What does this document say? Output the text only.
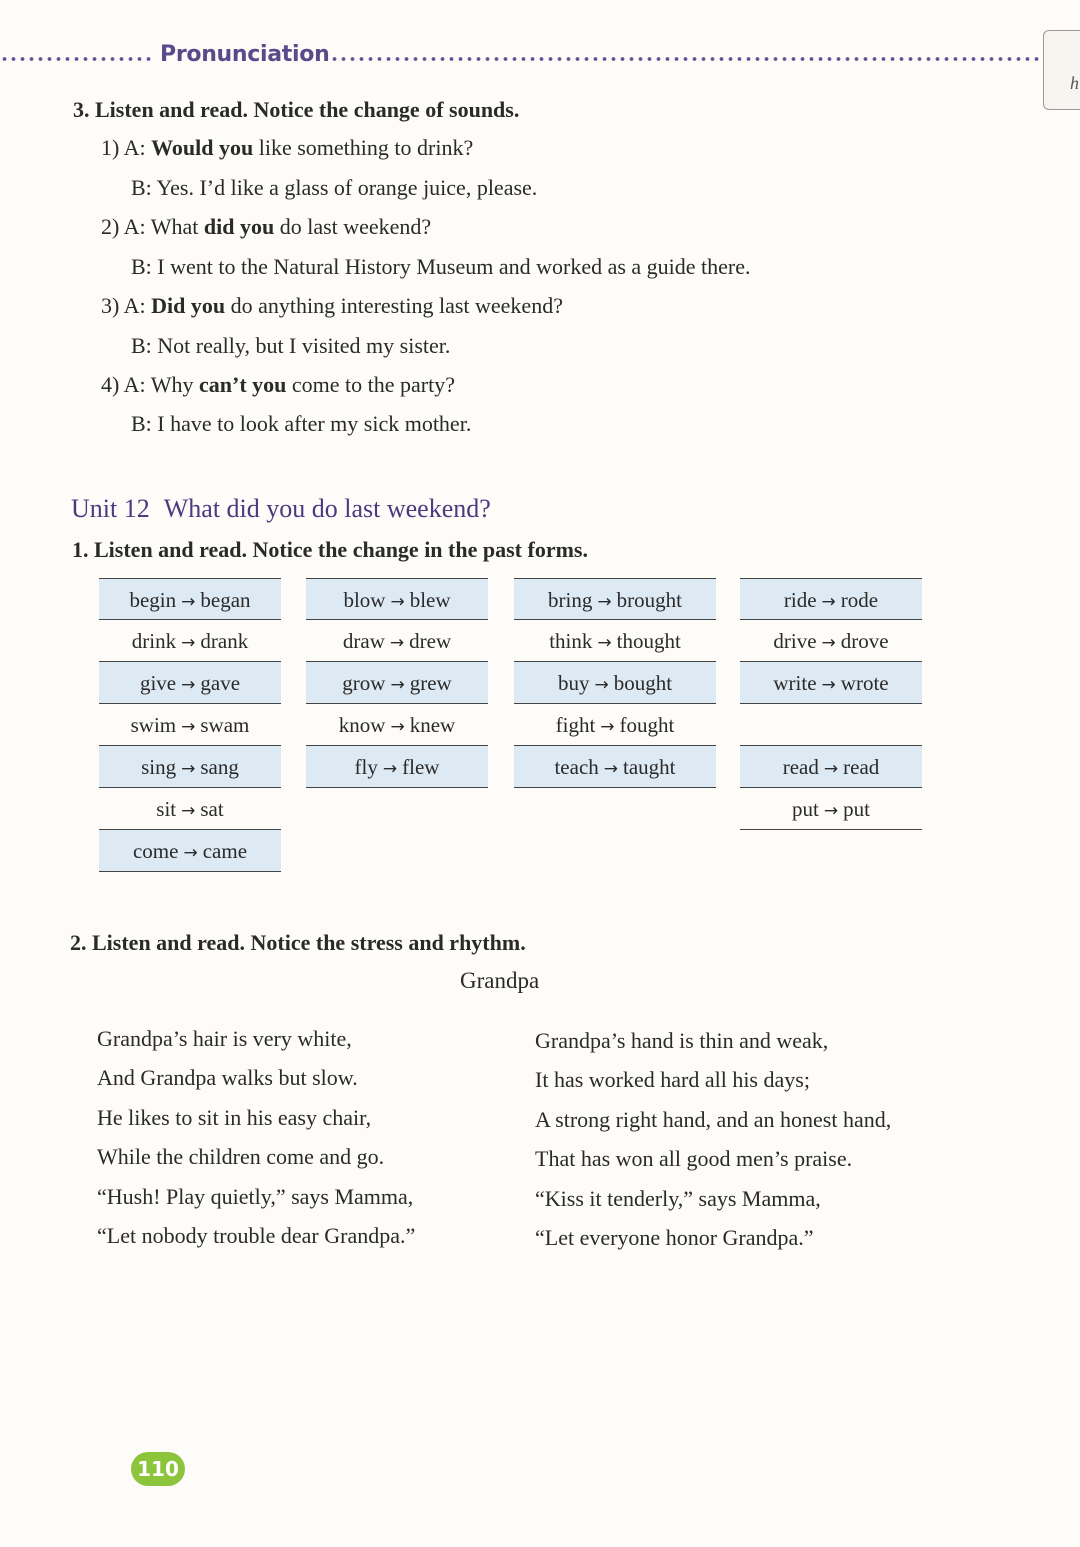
Pronunciation
h
3. Listen and read. Notice the change of sounds.
1) A: Would you like something to drink?
B: Yes. I’d like a glass of orange juice, please.
2) A: What did you do last weekend?
B: I went to the Natural History Museum and worked as a guide there.
3) A: Did you do anything interesting last weekend?
B: Not really, but I visited my sister.
4) A: Why can’t you come to the party?
B: I have to look after my sick mother.
Unit 12 What did you do last weekend?
1. Listen and read. Notice the change in the past forms.
begin → began
drink → drank
give → gave
swim → swam
sing → sang
sit → sat
come → came
blow → blew
draw → drew
grow → grew
know → knew
fly → flew
bring → brought
think → thought
buy → bought
fight → fought
teach → taught
ride → rode
drive → drove
write → wrote
read → read
put → put
2. Listen and read. Notice the stress and rhythm.
Grandpa
Grandpa’s hair is very white,
And Grandpa walks but slow.
He likes to sit in his easy chair,
While the children come and go.
“Hush! Play quietly,” says Mamma,
“Let nobody trouble dear Grandpa.”
Grandpa’s hand is thin and weak,
It has worked hard all his days;
A strong right hand, and an honest hand,
That has won all good men’s praise.
“Kiss it tenderly,” says Mamma,
“Let everyone honor Grandpa.”
110
